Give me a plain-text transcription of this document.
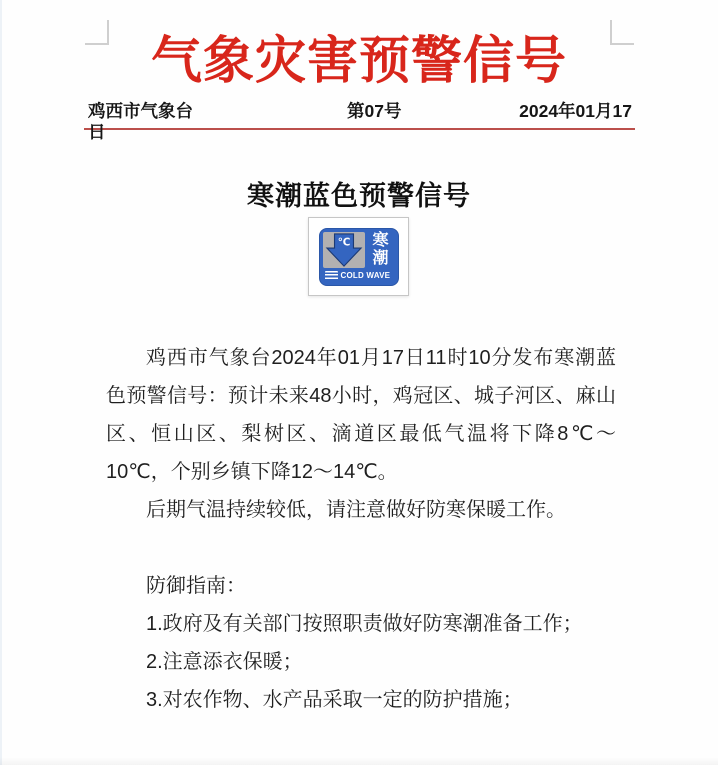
气象灾害预警信号
鸡西市气象台	第07号	2024年01月17
日
寒潮蓝色预警信号
℃ 寒
潮
COLD WAVE

鸡西市气象台2024年01月17日11时10分发布寒潮蓝色预警信号：预计未来48小时，鸡冠区、城子河区、麻山区、恒山区、梨树区、滴道区最低气温将下降8℃～10℃，个别乡镇下降12～14℃。

后期气温持续较低，请注意做好防寒保暖工作。

防御指南：

1.政府及有关部门按照职责做好防寒潮准备工作；

2.注意添衣保暖；

3.对农作物、水产品采取一定的防护措施；
